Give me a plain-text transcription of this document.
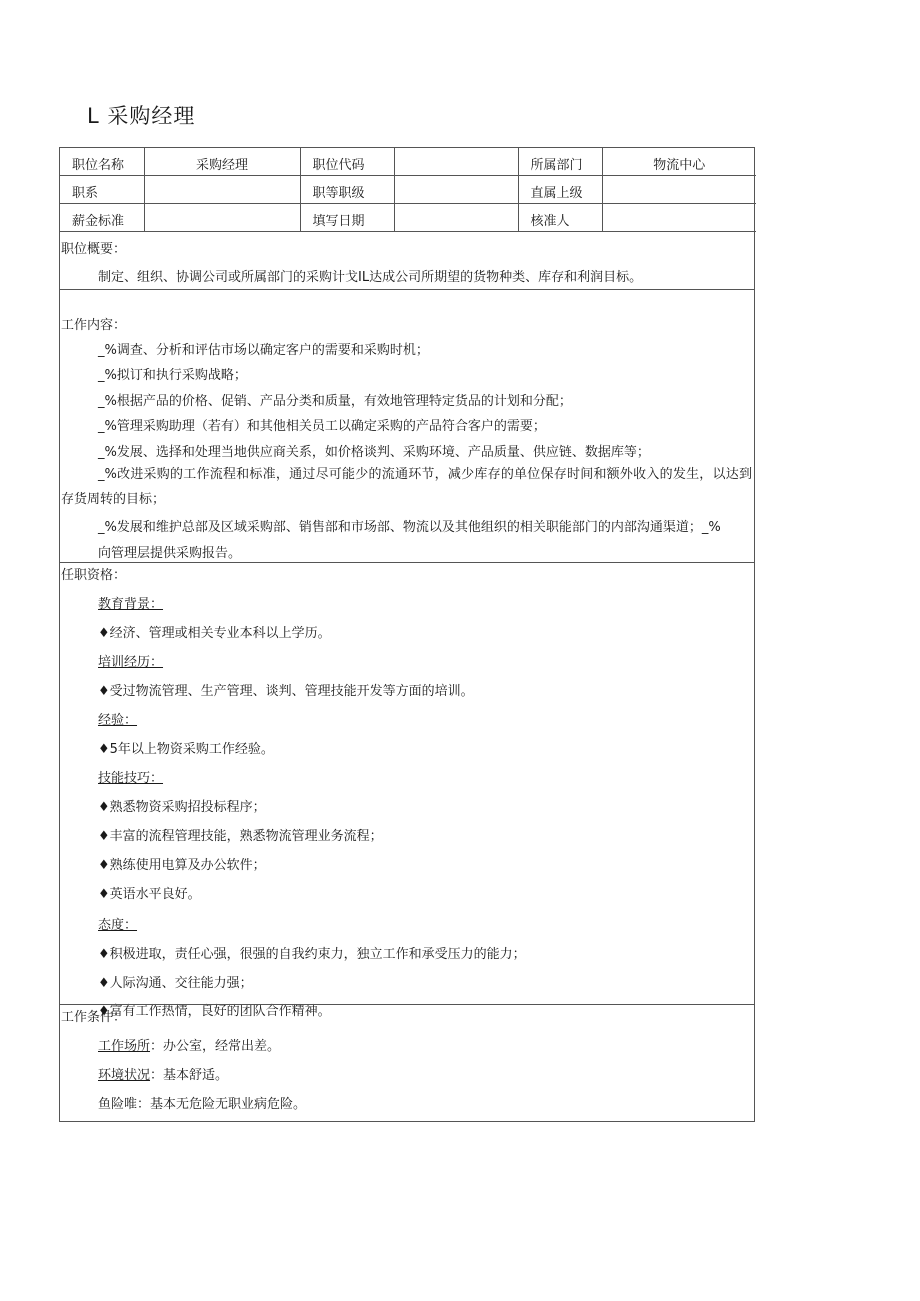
L 采购经理
职位名称	采购经理	职位代码		所属部门	物流中心
职系		职等职级		直属上级	
薪金标准		填写日期		核准人	
职位概要：
制定、组织、协调公司或所属部门的采购计戈IL达成公司所期望的货物种类、库存和利润目标。
工作内容：
_%调查、分析和评估市场以确定客户的需要和采购时机；
_%拟订和执行采购战略；
_%根据产品的价格、促销、产品分类和质量，有效地管理特定货品的计划和分配；
_%管理采购助理（若有）和其他相关员工以确定采购的产品符合客户的需要；
_%发展、选择和处理当地供应商关系，如价格谈判、采购环境、产品质量、供应链、数据库等；
_%改进采购的工作流程和标准，通过尽可能少的流通环节，减少库存的单位保存时间和额外收入的发生，以达到存货周转的目标；
_%发展和维护总部及区域采购部、销售部和市场部、物流以及其他组织的相关职能部门的内部沟通渠道；_%
向管理层提供采购报告。
任职资格：
教育背景：
♦经济、管理或相关专业本科以上学历。
培训经历：
♦受过物流管理、生产管理、谈判、管理技能开发等方面的培训。
经验：
♦5年以上物资采购工作经验。
技能技巧：
♦熟悉物资采购招投标程序；
♦丰富的流程管理技能，熟悉物流管理业务流程；
♦熟练使用电算及办公软件；
♦英语水平良好。
态度：
♦积极进取，责任心强，很强的自我约束力，独立工作和承受压力的能力；
♦人际沟通、交往能力强；
♦富有工作热情，良好的团队合作精神。
工作条件：
工作场所：办公室，经常出差。
环境状况：基本舒适。
鱼险唯：基本无危险无职业病危险。
